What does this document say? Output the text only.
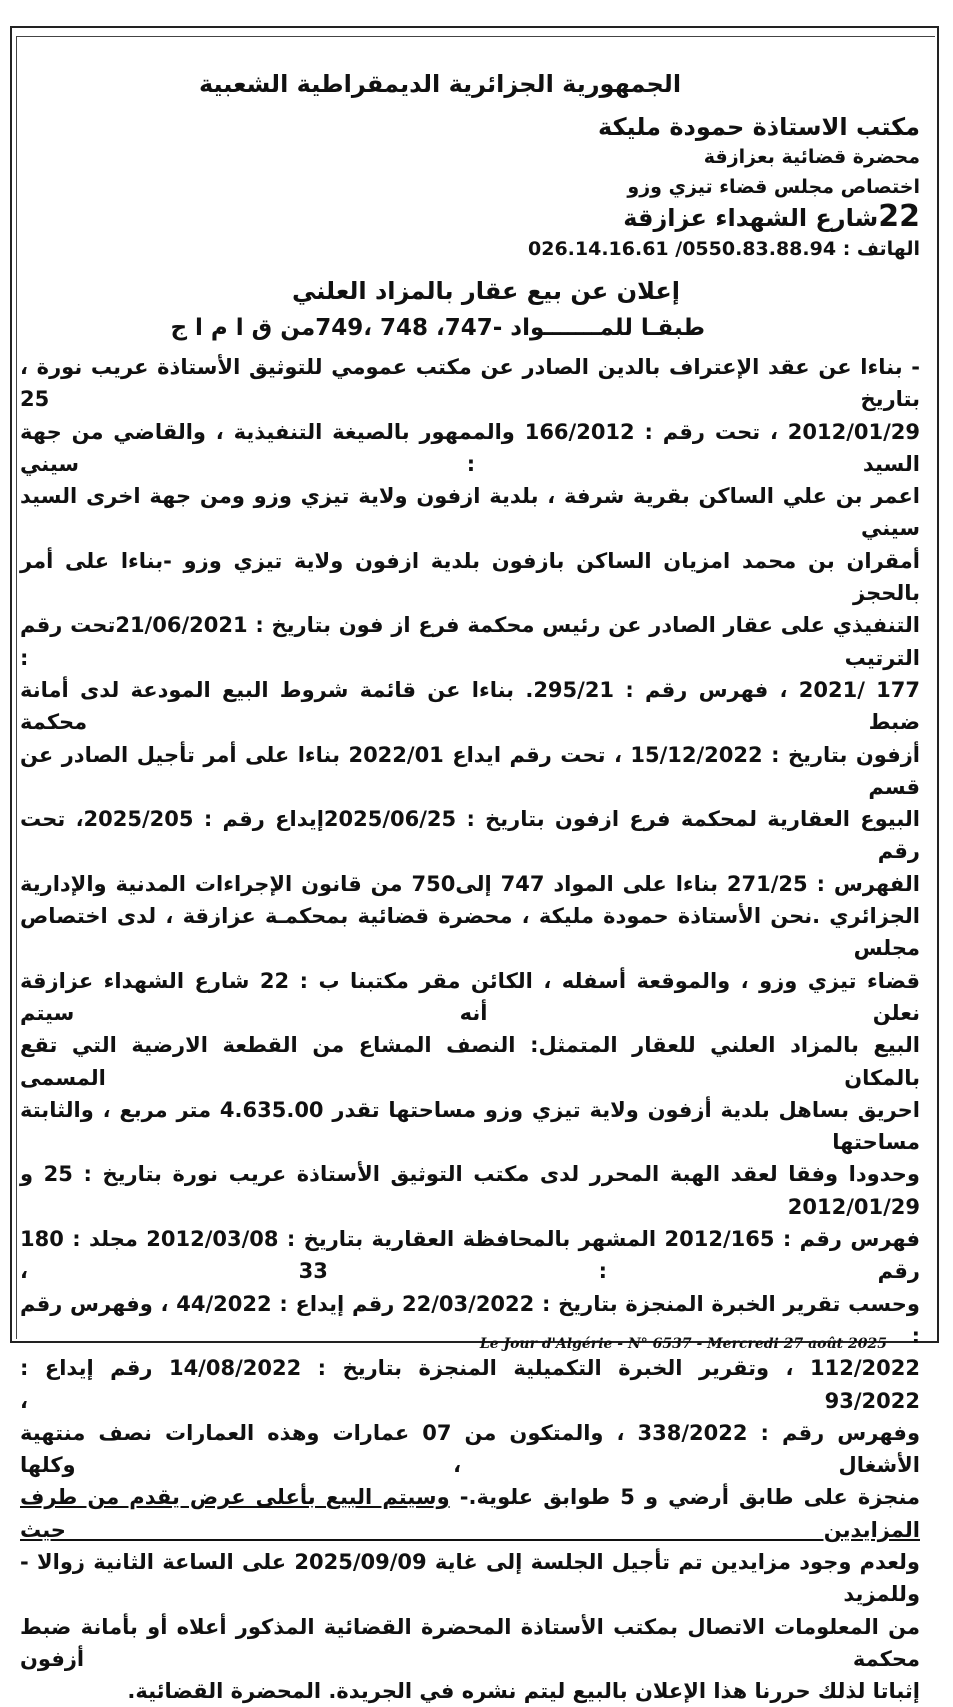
الجمهورية الجزائرية الديمقراطية الشعبية
مكتب الاستاذة حمودة مليكة
محضرة قضائية بعزازقة
اختصاص مجلس قضاء تيزي وزو
22شارع الشهداء عزازقة
الهاتف : 026.14.16.61 /0550.83.88.94
إعلان عن بيع عقار بالمزاد العلني
طبقـا للمـــــــواد -747، 748 ،749من ق ا م ا ج

- بناءا عن عقد الإعتراف بالدين الصادر عن مكتب عمومي للتوثيق الأستاذة عريب نورة ، بتاريخ 25

2012/01/29 ، تحت رقم : 166/2012 والممهور بالصيغة التنفيذية ، والقاضي من جهة السيد : سيني

اعمر بن علي الساكن بقرية شرفة ، بلدية ازفون ولاية تيزي وزو ومن جهة اخرى السيد سيني

أمقران بن محمد امزيان الساكن بازفون بلدية ازفون ولاية تيزي وزو -بناءا على أمر بالحجز

التنفيذي على عقار الصادر عن رئيس محكمة فرع از فون بتاريخ : 21/06/2021تحت رقم الترتيب :

177 /2021 ، فهرس رقم : 295/21. بناءا عن قائمة شروط البيع المودعة لدى أمانة ضبط محكمة

أزفون بتاريخ : 15/12/2022 ، تحت رقم ايداع 2022/01 بناءا على أمر تأجيل الصادر عن قسم

البيوع العقارية لمحكمة فرع ازفون بتاريخ : 2025/06/25إيداع رقم : 2025/205، تحت رقم

الفهرس : 271/25 بناءا على المواد 747 إلى750 من قانون الإجراءات المدنية والإدارية

الجزائري .نحن الأستاذة حمودة مليكة ، محضرة قضائية بمحكمـة عزازقة ، لدى اختصاص مجلس

قضاء تيزي وزو ، والموقعة أسفله ، الكائن مقر مكتبنا ب : 22 شارع الشهداء عزازقة نعلن أنه سيتم

البيع بالمزاد العلني للعقار المتمثل: النصف المشاع من القطعة الارضية التي تقع بالمكان المسمى

احريق بساهل بلدية أزفون ولاية تيزي وزو مساحتها تقدر 4.635.00 متر مربع ، والثابتة مساحتها

وحدودا وفقا لعقد الهبة المحرر لدى مكتب التوثيق الأستاذة عريب نورة بتاريخ : 25 و 2012/01/29

فهرس رقم : 2012/165 المشهر بالمحافظة العقارية بتاريخ : 2012/03/08 مجلد : 180 رقم : 33 ،

وحسب تقرير الخبرة المنجزة بتاريخ : 22/03/2022 رقم إيداع : 44/2022 ، وفهرس رقم :

112/2022 ، وتقرير الخبرة التكميلية المنجزة بتاريخ : 14/08/2022 رقم إيداع : 93/2022 ،

وفهرس رقم : 338/2022 ، والمتكون من 07 عمارات وهذه العمارات نصف منتهية الأشغال ، وكلها

منجزة على طابق أرضي و 5 طوابق علوية.- وسيتم البيع بأعلى عرض يقدم من طرف المزايدين حيث

ولعدم وجود مزايدين تم تأجيل الجلسة إلى غاية 2025/09/09 على الساعة الثانية زوالا - وللمزيد

من المعلومات الاتصال بمكتب الأستاذة المحضرة القضائية المذكور أعلاه أو بأمانة ضبط محكمة أزفون

إثباتا لذلك حررنا هذا الإعلان بالبيع ليتم نشره في الجريدة. المحضرة القضائية.

Le Jour d'Algérie - N° 6537 - Mercredi 27 août 2025
